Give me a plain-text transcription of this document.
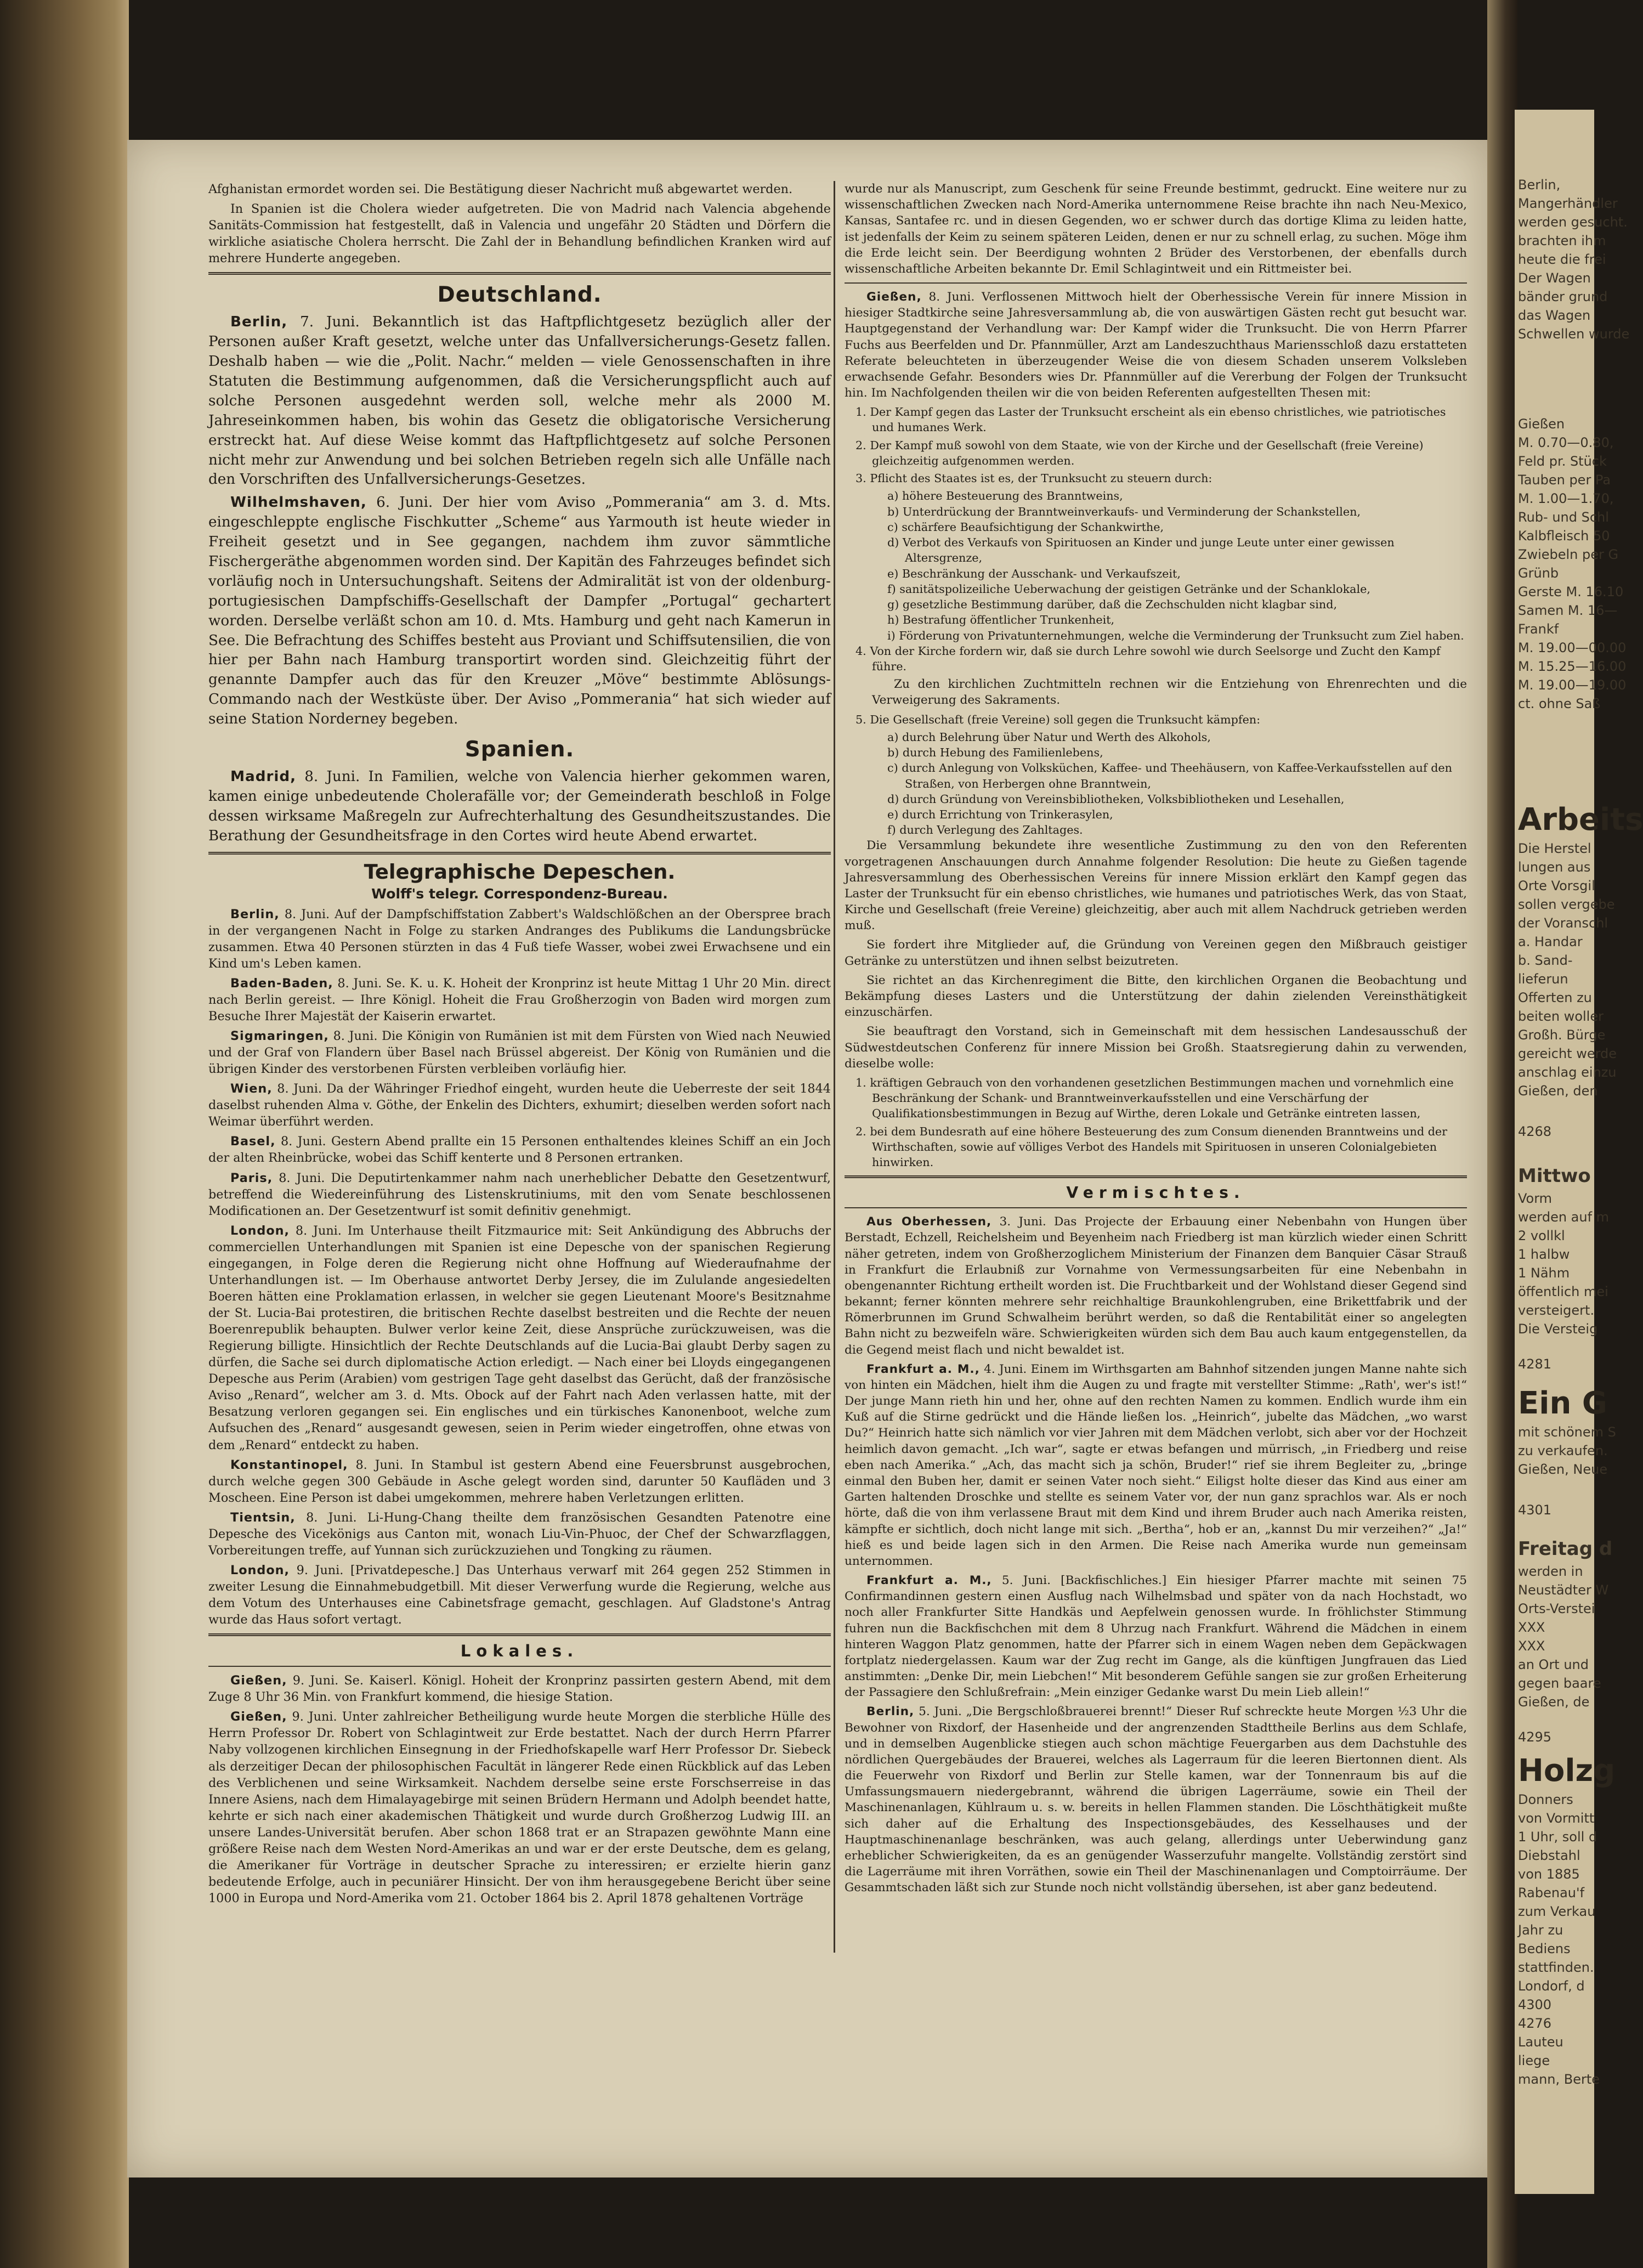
Berlin,
Mangerhändler
werden gesucht.
brachten ihm
heute die frei
Der Wagen
bänder grund
das Wagen
Schwellen wurde
Gießen
M. 0.70—0.80,
Feld pr. Stück
Tauben per Pa
M. 1.00—1.70,
Rub- und Schl
Kalbfleisch 50
Zwiebeln per G
Grünb
Gerste M. 16.10
Samen M. 16—
Frankf
M. 19.00—00.00
M. 15.25—16.00
M. 19.00—19.00
ct. ohne Saß
Arbeits
Die Herstel
lungen aus
Orte Vorsgil
sollen vergebe
der Voranschl
a. Handar
b. Sand-
lieferun
Offerten zu
beiten woller
Großh. Bürge
gereicht werde
anschlag einzu
Gießen, den
4268
Mittwo
Vorm
werden auf m
2 vollkl
1 halbw
1 Nähm
öffentlich mei
versteigert.
Die Versteig
4281
Ein G
mit schönem S
zu verkaufen.
Gießen, Neue
4301
Freitag d
werden in
Neustädter W
Orts-Verstei
XXX
XXX
an Ort und
gegen baare
Gießen, de
4295
Holzg
Donners
von Vormitt
1 Uhr, soll d
Diebstahl
von 1885
Rabenau'f
zum Verkau
Jahr zu
Bediens
stattfinden.
Londorf, d
4300
4276
Lauteu
liege
mann, Berte

Afghanistan ermordet worden sei. Die Bestätigung dieser Nachricht muß abgewartet werden.

In Spanien ist die Cholera wieder aufgetreten. Die von Madrid nach Valencia abgehende Sanitäts-Commission hat festgestellt, daß in Valencia und ungefähr 20 Städten und Dörfern die wirkliche asiatische Cholera herrscht. Die Zahl der in Behandlung befindlichen Kranken wird auf mehrere Hunderte angegeben.

Deutschland.

Berlin, 7. Juni. Bekanntlich ist das Haftpflichtgesetz bezüglich aller der Personen außer Kraft gesetzt, welche unter das Unfallversicherungs-Gesetz fallen. Deshalb haben — wie die „Polit. Nachr.“ melden — viele Genossenschaften in ihre Statuten die Bestimmung aufgenommen, daß die Versicherungspflicht auch auf solche Personen ausgedehnt werden soll, welche mehr als 2000 M. Jahreseinkommen haben, bis wohin das Gesetz die obligatorische Versicherung erstreckt hat. Auf diese Weise kommt das Haftpflichtgesetz auf solche Personen nicht mehr zur Anwendung und bei solchen Betrieben regeln sich alle Unfälle nach den Vorschriften des Unfallversicherungs-Gesetzes.

Wilhelmshaven, 6. Juni. Der hier vom Aviso „Pommerania“ am 3. d. Mts. eingeschleppte englische Fischkutter „Scheme“ aus Yarmouth ist heute wieder in Freiheit gesetzt und in See gegangen, nachdem ihm zuvor sämmtliche Fischergeräthe abgenommen worden sind. Der Kapitän des Fahrzeuges befindet sich vorläufig noch in Untersuchungshaft. Seitens der Admiralität ist von der oldenburg-portugiesischen Dampfschiffs-Gesellschaft der Dampfer „Portugal“ gechartert worden. Derselbe verläßt schon am 10. d. Mts. Hamburg und geht nach Kamerun in See. Die Befrachtung des Schiffes besteht aus Proviant und Schiffsutensilien, die von hier per Bahn nach Hamburg transportirt worden sind. Gleichzeitig führt der genannte Dampfer auch das für den Kreuzer „Möve“ bestimmte Ablösungs-Commando nach der Westküste über. Der Aviso „Pommerania“ hat sich wieder auf seine Station Norderney begeben.

Spanien.

Madrid, 8. Juni. In Familien, welche von Valencia hierher gekommen waren, kamen einige unbedeutende Cholerafälle vor; der Gemeinderath beschloß in Folge dessen wirksame Maßregeln zur Aufrechterhaltung des Gesundheitszustandes. Die Berathung der Gesundheitsfrage in den Cortes wird heute Abend erwartet.

Telegraphische Depeschen.
Wolff's telegr. Correspondenz-Bureau.

Berlin, 8. Juni. Auf der Dampfschiffstation Zabbert's Waldschlößchen an der Oberspree brach in der vergangenen Nacht in Folge zu starken Andranges des Publikums die Landungsbrücke zusammen. Etwa 40 Personen stürzten in das 4 Fuß tiefe Wasser, wobei zwei Erwachsene und ein Kind um's Leben kamen.

Baden-Baden, 8. Juni. Se. K. u. K. Hoheit der Kronprinz ist heute Mittag 1 Uhr 20 Min. direct nach Berlin gereist. — Ihre Königl. Hoheit die Frau Großherzogin von Baden wird morgen zum Besuche Ihrer Majestät der Kaiserin erwartet.

Sigmaringen, 8. Juni. Die Königin von Rumänien ist mit dem Fürsten von Wied nach Neuwied und der Graf von Flandern über Basel nach Brüssel abgereist. Der König von Rumänien und die übrigen Kinder des verstorbenen Fürsten verbleiben vorläufig hier.

Wien, 8. Juni. Da der Währinger Friedhof eingeht, wurden heute die Ueberreste der seit 1844 daselbst ruhenden Alma v. Göthe, der Enkelin des Dichters, exhumirt; dieselben werden sofort nach Weimar überführt werden.

Basel, 8. Juni. Gestern Abend prallte ein 15 Personen enthaltendes kleines Schiff an ein Joch der alten Rheinbrücke, wobei das Schiff kenterte und 8 Personen ertranken.

Paris, 8. Juni. Die Deputirtenkammer nahm nach unerheblicher Debatte den Gesetzentwurf, betreffend die Wiedereinführung des Listenskrutiniums, mit den vom Senate beschlossenen Modificationen an. Der Gesetzentwurf ist somit definitiv genehmigt.

London, 8. Juni. Im Unterhause theilt Fitzmaurice mit: Seit Ankündigung des Abbruchs der commerciellen Unterhandlungen mit Spanien ist eine Depesche von der spanischen Regierung eingegangen, in Folge deren die Regierung nicht ohne Hoffnung auf Wiederaufnahme der Unterhandlungen ist. — Im Oberhause antwortet Derby Jersey, die im Zululande angesiedelten Boeren hätten eine Proklamation erlassen, in welcher sie gegen Lieutenant Moore's Besitznahme der St. Lucia-Bai protestiren, die britischen Rechte daselbst bestreiten und die Rechte der neuen Boerenrepublik behaupten. Bulwer verlor keine Zeit, diese Ansprüche zurückzuweisen, was die Regierung billigte. Hinsichtlich der Rechte Deutschlands auf die Lucia-Bai glaubt Derby sagen zu dürfen, die Sache sei durch diplomatische Action erledigt. — Nach einer bei Lloyds eingegangenen Depesche aus Perim (Arabien) vom gestrigen Tage geht daselbst das Gerücht, daß der französische Aviso „Renard“, welcher am 3. d. Mts. Obock auf der Fahrt nach Aden verlassen hatte, mit der Besatzung verloren gegangen sei. Ein englisches und ein türkisches Kanonenboot, welche zum Aufsuchen des „Renard“ ausgesandt gewesen, seien in Perim wieder eingetroffen, ohne etwas von dem „Renard“ entdeckt zu haben.

Konstantinopel, 8. Juni. In Stambul ist gestern Abend eine Feuersbrunst ausgebrochen, durch welche gegen 300 Gebäude in Asche gelegt worden sind, darunter 50 Kaufläden und 3 Moscheen. Eine Person ist dabei umgekommen, mehrere haben Verletzungen erlitten.

Tientsin, 8. Juni. Li-Hung-Chang theilte dem französischen Gesandten Patenotre eine Depesche des Vicekönigs aus Canton mit, wonach Liu-Vin-Phuoc, der Chef der Schwarzflaggen, Vorbereitungen treffe, auf Yunnan sich zurückzuziehen und Tongking zu räumen.

London, 9. Juni. [Privatdepesche.] Das Unterhaus verwarf mit 264 gegen 252 Stimmen in zweiter Lesung die Einnahmebudgetbill. Mit dieser Verwerfung wurde die Regierung, welche aus dem Votum des Unterhauses eine Cabinetsfrage gemacht, geschlagen. Auf Gladstone's Antrag wurde das Haus sofort vertagt.

Lokales.

Gießen, 9. Juni. Se. Kaiserl. Königl. Hoheit der Kronprinz passirten gestern Abend, mit dem Zuge 8 Uhr 36 Min. von Frankfurt kommend, die hiesige Station.

Gießen, 9. Juni. Unter zahlreicher Betheiligung wurde heute Morgen die sterbliche Hülle des Herrn Professor Dr. Robert von Schlagintweit zur Erde bestattet. Nach der durch Herrn Pfarrer Naby vollzogenen kirchlichen Einsegnung in der Friedhofskapelle warf Herr Professor Dr. Siebeck als derzeitiger Decan der philosophischen Facultät in längerer Rede einen Rückblick auf das Leben des Verblichenen und seine Wirksamkeit. Nachdem derselbe seine erste Forschserreise in das Innere Asiens, nach dem Himalayagebirge mit seinen Brüdern Hermann und Adolph beendet hatte, kehrte er sich nach einer akademischen Thätigkeit und wurde durch Großherzog Ludwig III. an unsere Landes-Universität berufen. Aber schon 1868 trat er an Strapazen gewöhnte Mann eine größere Reise nach dem Westen Nord-Amerikas an und war er der erste Deutsche, dem es gelang, die Amerikaner für Vorträge in deutscher Sprache zu interessiren; er erzielte hierin ganz bedeutende Erfolge, auch in pecuniärer Hinsicht. Der von ihm herausgegebene Bericht über seine 1000 in Europa und Nord-Amerika vom 21. October 1864 bis 2. April 1878 gehaltenen Vorträge

wurde nur als Manuscript, zum Geschenk für seine Freunde bestimmt, gedruckt. Eine weitere nur zu wissenschaftlichen Zwecken nach Nord-Amerika unternommene Reise brachte ihn nach Neu-Mexico, Kansas, Santafee rc. und in diesen Gegenden, wo er schwer durch das dortige Klima zu leiden hatte, ist jedenfalls der Keim zu seinem späteren Leiden, denen er nur zu schnell erlag, zu suchen. Möge ihm die Erde leicht sein. Der Beerdigung wohnten 2 Brüder des Verstorbenen, der ebenfalls durch wissenschaftliche Arbeiten bekannte Dr. Emil Schlagintweit und ein Rittmeister bei.

Gießen, 8. Juni. Verflossenen Mittwoch hielt der Oberhessische Verein für innere Mission in hiesiger Stadtkirche seine Jahresversammlung ab, die von auswärtigen Gästen recht gut besucht war. Hauptgegenstand der Verhandlung war: Der Kampf wider die Trunksucht. Die von Herrn Pfarrer Fuchs aus Beerfelden und Dr. Pfannmüller, Arzt am Landeszuchthaus Mariensschloß dazu erstatteten Referate beleuchteten in überzeugender Weise die von diesem Schaden unserem Volksleben erwachsende Gefahr. Besonders wies Dr. Pfannmüller auf die Vererbung der Folgen der Trunksucht hin. Im Nachfolgenden theilen wir die von beiden Referenten aufgestellten Thesen mit:

1. Der Kampf gegen das Laster der Trunksucht erscheint als ein ebenso christliches, wie patriotisches und humanes Werk.

2. Der Kampf muß sowohl von dem Staate, wie von der Kirche und der Gesellschaft (freie Vereine) gleichzeitig aufgenommen werden.

3. Pflicht des Staates ist es, der Trunksucht zu steuern durch:

a) höhere Besteuerung des Branntweins,
b) Unterdrückung der Branntweinverkaufs- und Verminderung der Schankstellen,
c) schärfere Beaufsichtigung der Schankwirthe,
d) Verbot des Verkaufs von Spirituosen an Kinder und junge Leute unter einer gewissen Altersgrenze,
e) Beschränkung der Ausschank- und Verkaufszeit,
f) sanitätspolizeiliche Ueberwachung der geistigen Getränke und der Schanklokale,
g) gesetzliche Bestimmung darüber, daß die Zechschulden nicht klagbar sind,
h) Bestrafung öffentlicher Trunkenheit,
i) Förderung von Privatunternehmungen, welche die Verminderung der Trunksucht zum Ziel haben.

4. Von der Kirche fordern wir, daß sie durch Lehre sowohl wie durch Seelsorge und Zucht den Kampf führe.

Zu den kirchlichen Zuchtmitteln rechnen wir die Entziehung von Ehrenrechten und die Verweigerung des Sakraments.

5. Die Gesellschaft (freie Vereine) soll gegen die Trunksucht kämpfen:

a) durch Belehrung über Natur und Werth des Alkohols,
b) durch Hebung des Familienlebens,
c) durch Anlegung von Volksküchen, Kaffee- und Theehäusern, von Kaffee-Verkaufsstellen auf den Straßen, von Herbergen ohne Branntwein,
d) durch Gründung von Vereinsbibliotheken, Volksbibliotheken und Lesehallen,
e) durch Errichtung von Trinkerasylen,
f) durch Verlegung des Zahltages.

Die Versammlung bekundete ihre wesentliche Zustimmung zu den von den Referenten vorgetragenen Anschauungen durch Annahme folgender Resolution: Die heute zu Gießen tagende Jahresversammlung des Oberhessischen Vereins für innere Mission erklärt den Kampf gegen das Laster der Trunksucht für ein ebenso christliches, wie humanes und patriotisches Werk, das von Staat, Kirche und Gesellschaft (freie Vereine) gleichzeitig, aber auch mit allem Nachdruck getrieben werden muß.

Sie fordert ihre Mitglieder auf, die Gründung von Vereinen gegen den Mißbrauch geistiger Getränke zu unterstützen und ihnen selbst beizutreten.

Sie richtet an das Kirchenregiment die Bitte, den kirchlichen Organen die Beobachtung und Bekämpfung dieses Lasters und die Unterstützung der dahin zielenden Vereinsthätigkeit einzuschärfen.

Sie beauftragt den Vorstand, sich in Gemeinschaft mit dem hessischen Landesausschuß der Südwestdeutschen Conferenz für innere Mission bei Großh. Staatsregierung dahin zu verwenden, dieselbe wolle:

1. kräftigen Gebrauch von den vorhandenen gesetzlichen Bestimmungen machen und vornehmlich eine Beschränkung der Schank- und Branntweinverkaufsstellen und eine Verschärfung der Qualifikationsbestimmungen in Bezug auf Wirthe, deren Lokale und Getränke eintreten lassen,

2. bei dem Bundesrath auf eine höhere Besteuerung des zum Consum dienenden Branntweins und der Wirthschaften, sowie auf völliges Verbot des Handels mit Spirituosen in unseren Colonialgebieten hinwirken.

Vermischtes.

Aus Oberhessen, 3. Juni. Das Projecte der Erbauung einer Nebenbahn von Hungen über Berstadt, Echzell, Reichelsheim und Beyenheim nach Friedberg ist man kürzlich wieder einen Schritt näher getreten, indem von Großherzoglichem Ministerium der Finanzen dem Banquier Cäsar Strauß in Frankfurt die Erlaubniß zur Vornahme von Vermessungsarbeiten für eine Nebenbahn in obengenannter Richtung ertheilt worden ist. Die Fruchtbarkeit und der Wohlstand dieser Gegend sind bekannt; ferner könnten mehrere sehr reichhaltige Braunkohlengruben, eine Brikettfabrik und der Römerbrunnen im Grund Schwalheim berührt werden, so daß die Rentabilität einer so angelegten Bahn nicht zu bezweifeln wäre. Schwierigkeiten würden sich dem Bau auch kaum entgegenstellen, da die Gegend meist flach und nicht bewaldet ist.

Frankfurt a. M., 4. Juni. Einem im Wirthsgarten am Bahnhof sitzenden jungen Manne nahte sich von hinten ein Mädchen, hielt ihm die Augen zu und fragte mit verstellter Stimme: „Rath', wer's ist!“ Der junge Mann rieth hin und her, ohne auf den rechten Namen zu kommen. Endlich wurde ihm ein Kuß auf die Stirne gedrückt und die Hände ließen los. „Heinrich“, jubelte das Mädchen, „wo warst Du?“ Heinrich hatte sich nämlich vor vier Jahren mit dem Mädchen verlobt, sich aber vor der Hochzeit heimlich davon gemacht. „Ich war“, sagte er etwas befangen und mürrisch, „in Friedberg und reise eben nach Amerika.“ „Ach, das macht sich ja schön, Bruder!“ rief sie ihrem Begleiter zu, „bringe einmal den Buben her, damit er seinen Vater noch sieht.“ Eiligst holte dieser das Kind aus einer am Garten haltenden Droschke und stellte es seinem Vater vor, der nun ganz sprachlos war. Als er noch hörte, daß die von ihm verlassene Braut mit dem Kind und ihrem Bruder auch nach Amerika reisten, kämpfte er sichtlich, doch nicht lange mit sich. „Bertha“, hob er an, „kannst Du mir verzeihen?“ „Ja!“ hieß es und beide lagen sich in den Armen. Die Reise nach Amerika wurde nun gemeinsam unternommen.

Frankfurt a. M., 5. Juni. [Backfischliches.] Ein hiesiger Pfarrer machte mit seinen 75 Confirmandinnen gestern einen Ausflug nach Wilhelmsbad und später von da nach Hochstadt, wo noch aller Frankfurter Sitte Handkäs und Aepfelwein genossen wurde. In fröhlichster Stimmung fuhren nun die Backfischchen mit dem 8 Uhrzug nach Frankfurt. Während die Mädchen in einem hinteren Waggon Platz genommen, hatte der Pfarrer sich in einem Wagen neben dem Gepäckwagen fortplatz niedergelassen. Kaum war der Zug recht im Gange, als die künftigen Jungfrauen das Lied anstimmten: „Denke Dir, mein Liebchen!“ Mit besonderem Gefühle sangen sie zur großen Erheiterung der Passagiere den Schlußrefrain: „Mein einziger Gedanke warst Du mein Lieb allein!“

Berlin, 5. Juni. „Die Bergschloßbrauerei brennt!“ Dieser Ruf schreckte heute Morgen ½3 Uhr die Bewohner von Rixdorf, der Hasenheide und der angrenzenden Stadttheile Berlins aus dem Schlafe, und in demselben Augenblicke stiegen auch schon mächtige Feuergarben aus dem Dachstuhle des nördlichen Quergebäudes der Brauerei, welches als Lagerraum für die leeren Biertonnen dient. Als die Feuerwehr von Rixdorf und Berlin zur Stelle kamen, war der Tonnenraum bis auf die Umfassungsmauern niedergebrannt, während die übrigen Lagerräume, sowie ein Theil der Maschinenanlagen, Kühlraum u. s. w. bereits in hellen Flammen standen. Die Löschthätigkeit mußte sich daher auf die Erhaltung des Inspectionsgebäudes, des Kesselhauses und der Hauptmaschinenanlage beschränken, was auch gelang, allerdings unter Ueberwindung ganz erheblicher Schwierigkeiten, da es an genügender Wasserzufuhr mangelte. Vollständig zerstört sind die Lagerräume mit ihren Vorräthen, sowie ein Theil der Maschinenanlagen und Comptoirräume. Der Gesammtschaden läßt sich zur Stunde noch nicht vollständig übersehen, ist aber ganz bedeutend.
